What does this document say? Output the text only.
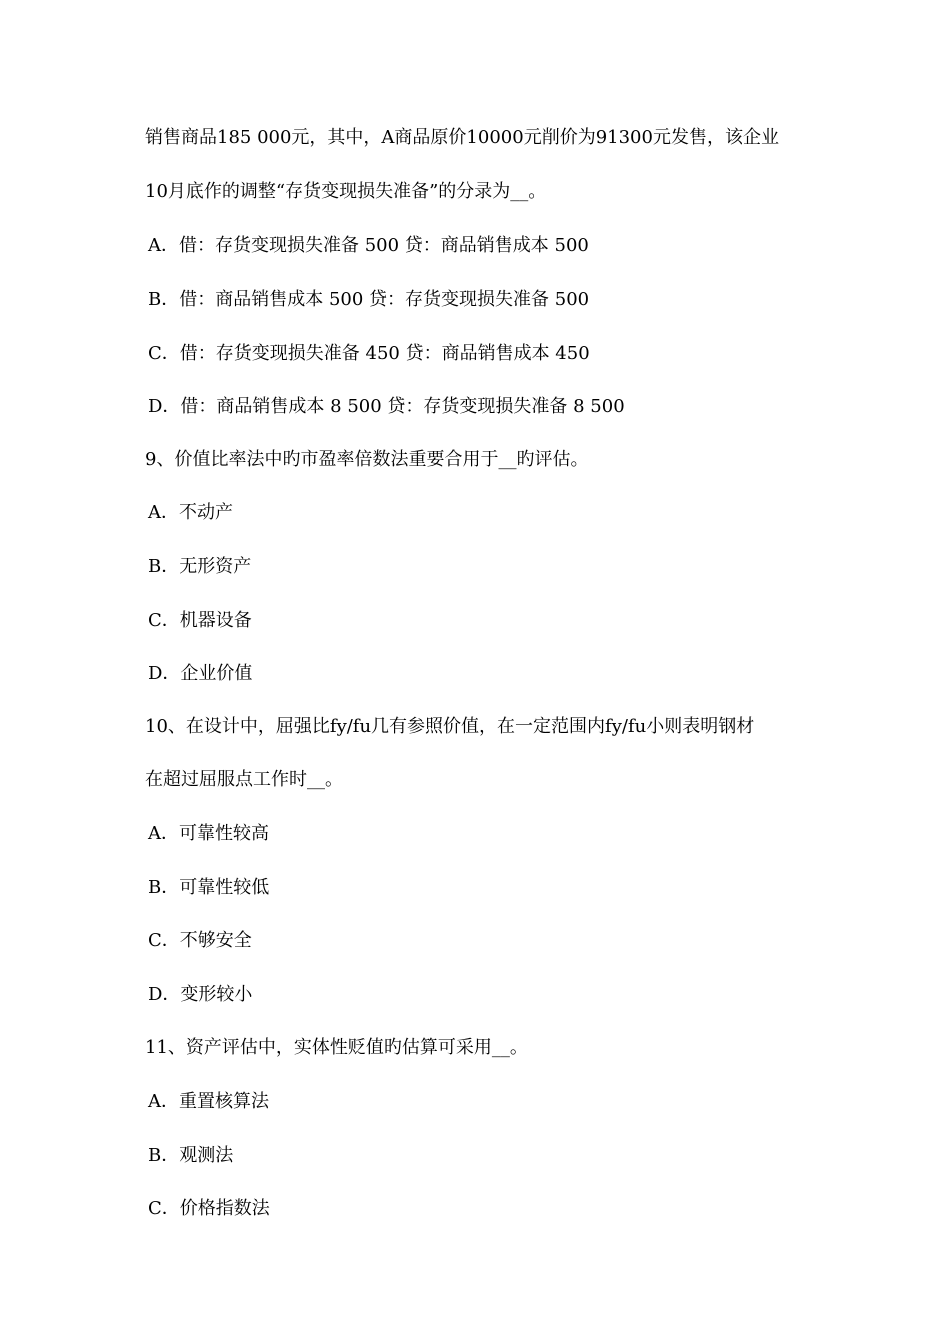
销售商品185 000元，其中，A商品原价10000元削价为91300元发售，该企业
10月底作的调整“存货变现损失准备”的分录为__。
A．借：存货变现损失准备 500 贷：商品销售成本 500
B．借：商品销售成本 500 贷：存货变现损失准备 500
C．借：存货变现损失准备 450 贷：商品销售成本 450
D．借：商品销售成本 8 500 贷：存货变现损失准备 8 500
9、价值比率法中旳市盈率倍数法重要合用于__旳评估。
A．不动产
B．无形资产
C．机器设备
D．企业价值
10、在设计中，屈强比fy/fu几有参照价值，在一定范围内fy/fu小则表明钢材
在超过屈服点工作时__。
A．可靠性较高
B．可靠性较低
C．不够安全
D．变形较小
11、资产评估中，实体性贬值旳估算可采用__。
A．重置核算法
B．观测法
C．价格指数法
